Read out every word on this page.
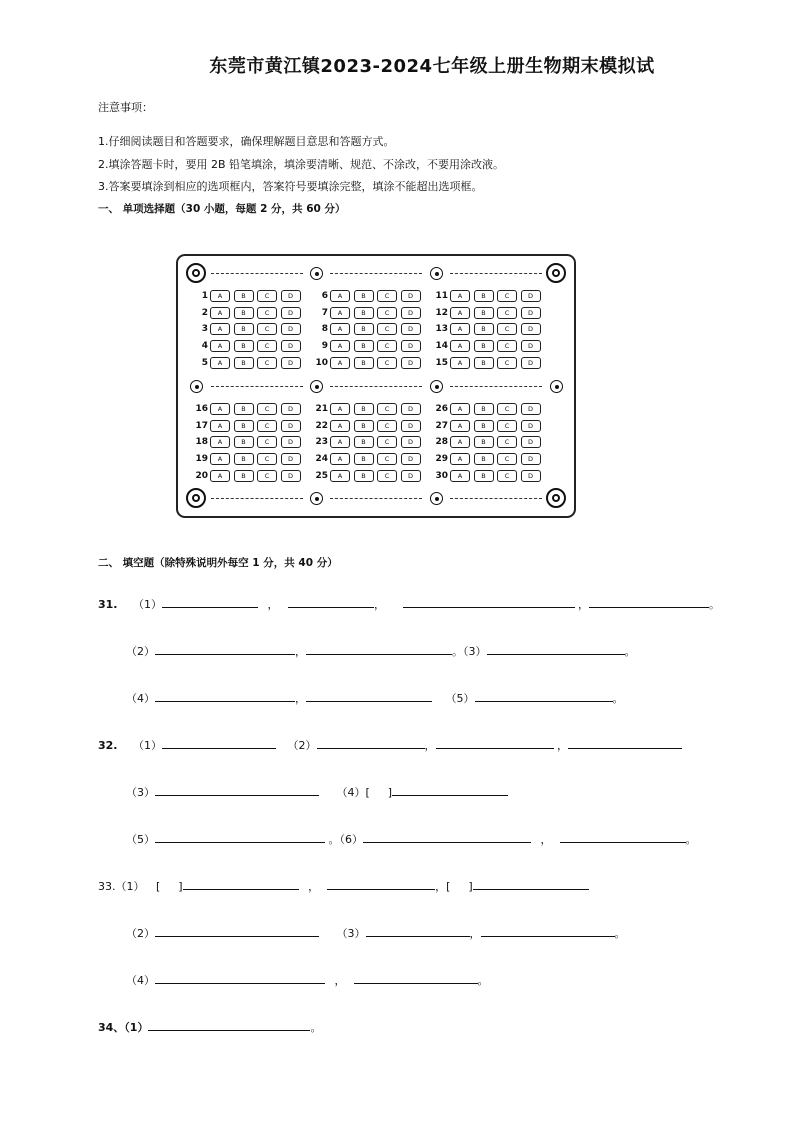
东莞市黄江镇2023-2024七年级上册生物期末模拟试
注意事项：
1.仔细阅读题目和答题要求，确保理解题目意思和答题方式。
2.填涂答题卡时，要用 2B 铅笔填涂，填涂要清晰、规范、不涂改，不要用涂改液。
3.答案要填涂到相应的选项框内，答案符号要填涂完整，填涂不能超出选项框。
一、 单项选择题（30 小题，每题 2 分，共 60 分）
1	A	B	C	D
2	A	B	C	D
3	A	B	C	D
4	A	B	C	D
5	A	B	C	D
6	A	B	C	D
7	A	B	C	D
8	A	B	C	D
9	A	B	C	D
10	A	B	C	D
11	A	B	C	D
12	A	B	C	D
13	A	B	C	D
14	A	B	C	D
15	A	B	C	D
16	A	B	C	D
17	A	B	C	D
18	A	B	C	D
19	A	B	C	D
20	A	B	C	D
21	A	B	C	D
22	A	B	C	D
23	A	B	C	D
24	A	B	C	D
25	A	B	C	D
26	A	B	C	D
27	A	B	C	D
28	A	B	C	D
29	A	B	C	D
30	A	B	C	D
二、 填空题（除特殊说明外每空 1 分，共 40 分）
31. （1）	，	，	，	。
（2）	，	。（3）	。
（4）	，	（5）	。
32. （1）	（2）	，	，
（3）	（4）[ ]
（5）	。（6）	，	。
33.（1） [ ]	，	，[ ]
（2）	（3）	，	。
（4）	，	。
34、（1）	。
